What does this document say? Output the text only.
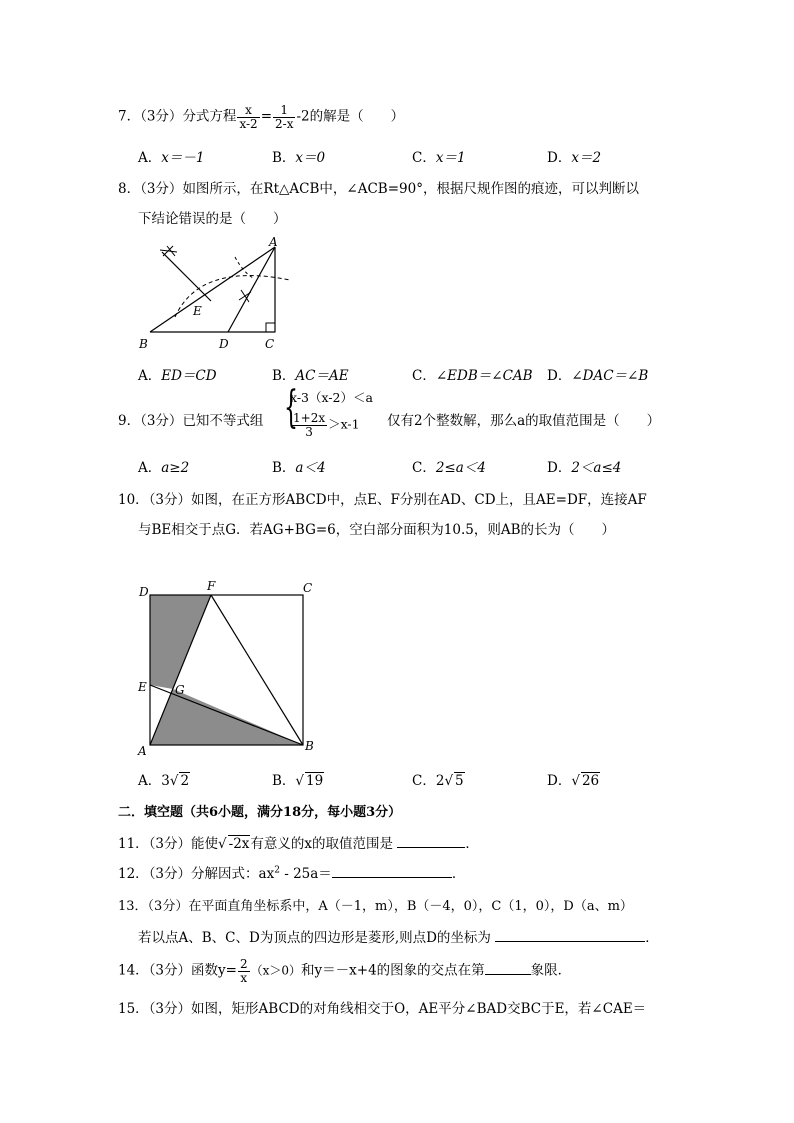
7．（3分）分式方程 $\frac{x}{x-2} = \frac{1}{2-x} -2$的解是（　　）
A．x＝－1	B．x＝0	C．x＝1	D．x＝2
8．（3分）如图所示，在Rt△ACB中，∠ACB=90°，根据尺规作图的痕迹，可以判断以
下结论错误的是（　　）
A
B	C
D
E
A．ED＝CD	B．AC＝AE	C．∠EDB＝∠CAB D．∠DAC＝∠B
9．（3分）已知不等式组 {
x-3（x-2）＜a
$\frac{1+2x}{3} >x-1$ 仅有2个整数解，那么a的取值范围是（　　）
A．a≥2	B．a＜4	C．2≤a＜4	D．2＜a≤4
10．（3分）如图，在正方形ABCD中，点E、F分别在AD、CD上，且AE=DF，连接AF
与BE相交于点G．若AG+BG=6，空白部分面积为10.5，则AB的长为（　　）
D	F	C
E G
A	B
A．3√ 2	B．√ 19	C．2√ 5	D．√ 26
二．填空题（共6小题，满分18分，每小题3分）
11．（3分）能使√ -2x有意义的x的取值范围是	．
12．（3分）分解因式：$ax^2 - 25a=$	．
13．（3分）在平面直角坐标系中，A（－1，m），B（－4，0），C（1，0），D（a、m）
若以点A、B、C、D为顶点的四边形是菱形,则点D的坐标为	．
14．（3分）函数$y= \frac{2}{x} (x>0)$和y＝－x+4的图象的交点在第	象限．
15．（3分）如图，矩形ABCD的对角线相交于O，AE平分∠BAD交BC于E，若∠CAE＝
